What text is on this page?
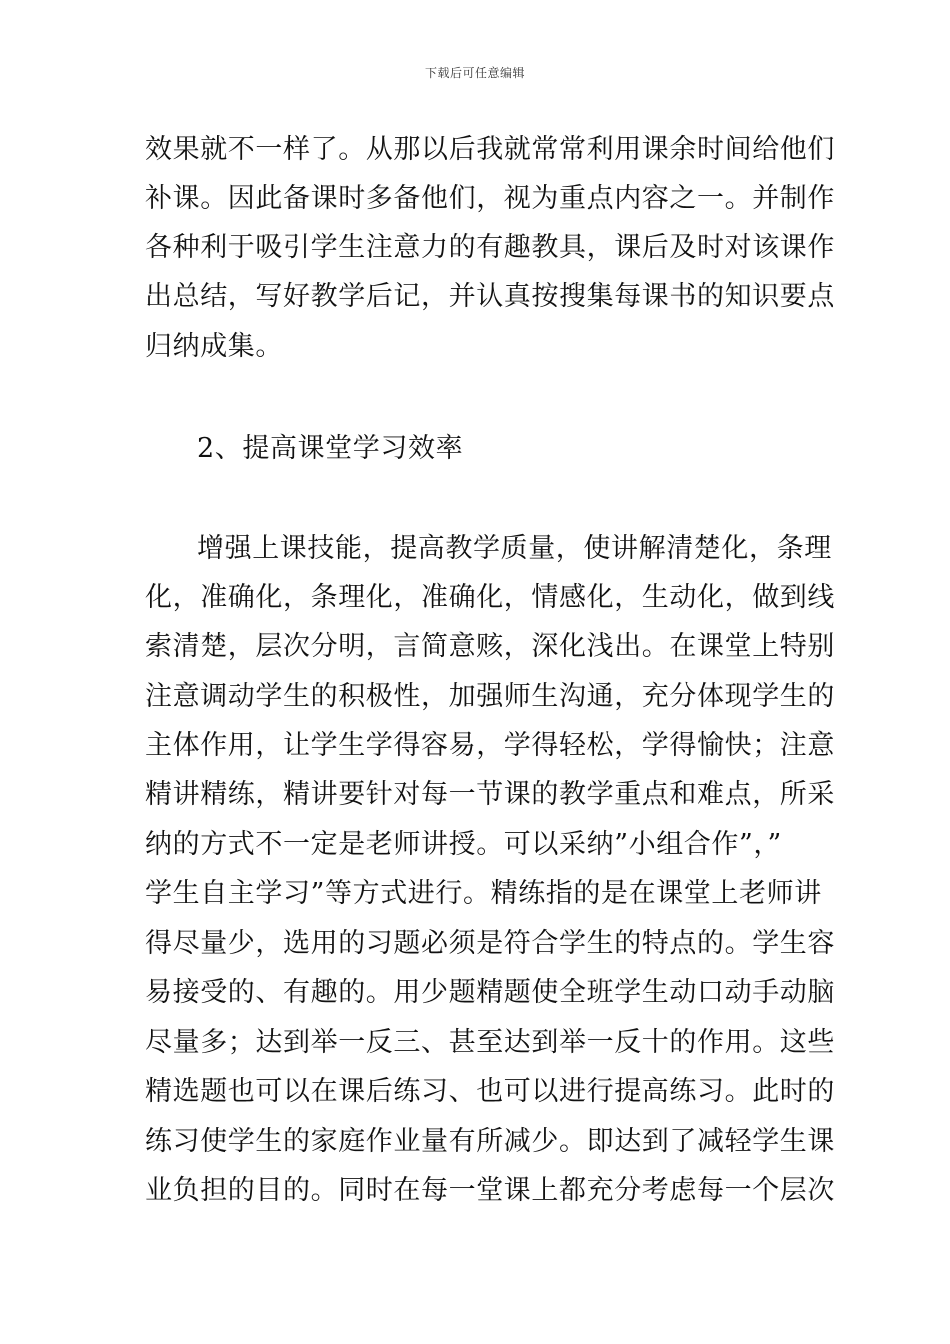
下载后可任意编辑
效果就不一样了。从那以后我就常常利用课余时间给他们
补课。因此备课时多备他们，视为重点内容之一。并制作
各种利于吸引学生注意力的有趣教具，课后及时对该课作
出总结，写好教学后记，并认真按搜集每课书的知识要点
归纳成集。
2、提高课堂学习效率
增强上课技能，提高教学质量，使讲解清楚化，条理
化，准确化，条理化，准确化，情感化，生动化，做到线
索清楚，层次分明，言简意赅，深化浅出。在课堂上特别
注意调动学生的积极性，加强师生沟通，充分体现学生的
主体作用，让学生学得容易，学得轻松，学得愉快；注意
精讲精练，精讲要针对每一节课的教学重点和难点，所采
纳的方式不一定是老师讲授。可以采纳”小组合作”，”
学生自主学习”等方式进行。精练指的是在课堂上老师讲
得尽量少，选用的习题必须是符合学生的特点的。学生容
易接受的、有趣的。用少题精题使全班学生动口动手动脑
尽量多；达到举一反三、甚至达到举一反十的作用。这些
精选题也可以在课后练习、也可以进行提高练习。此时的
练习使学生的家庭作业量有所减少。即达到了减轻学生课
业负担的目的。同时在每一堂课上都充分考虑每一个层次
